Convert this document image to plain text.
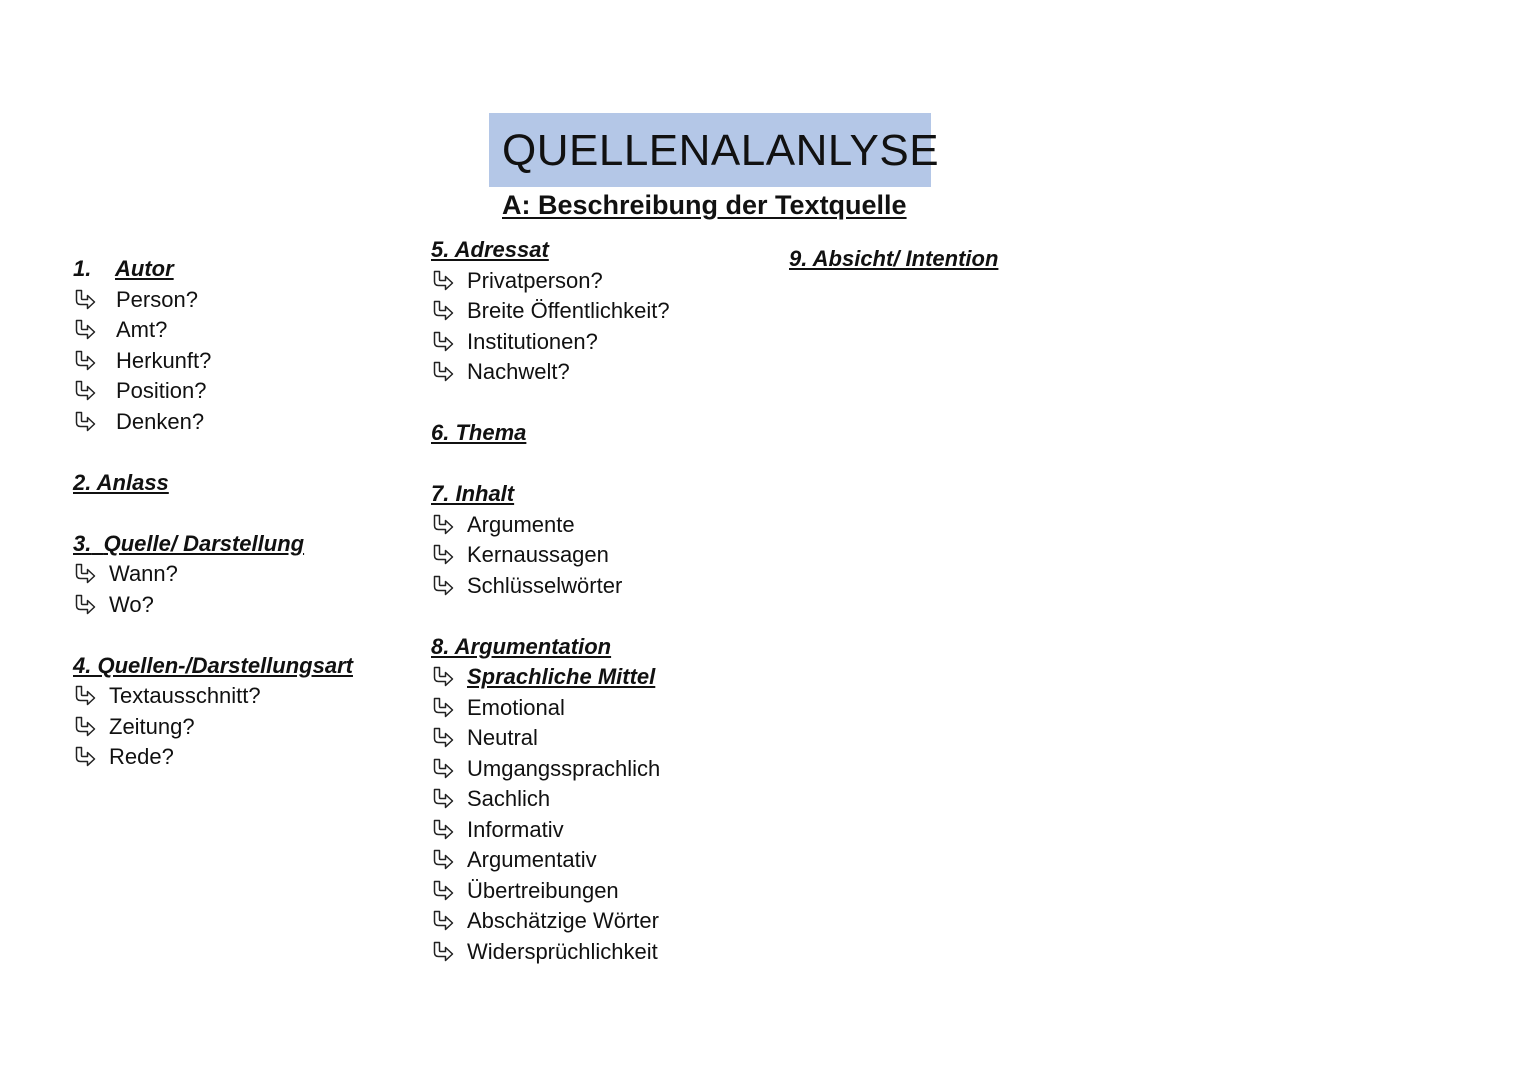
QUELLENALANLYSE
A: Beschreibung der Textquelle
1. Autor
Person?
Amt?
Herkunft?
Position?
Denken?
2. Anlass
3. Quelle/ Darstellung
Wann?
Wo?
4. Quellen-/Darstellungsart
Textausschnitt?
Zeitung?
Rede?
5. Adressat
Privatperson?
Breite Öffentlichkeit?
Institutionen?
Nachwelt?
6. Thema
7. Inhalt
Argumente
Kernaussagen
Schlüsselwörter
8. Argumentation
Sprachliche Mittel
Emotional
Neutral
Umgangssprachlich
Sachlich
Informativ
Argumentativ
Übertreibungen
Abschätzige Wörter
Widersprüchlichkeit
9. Absicht/ Intention
